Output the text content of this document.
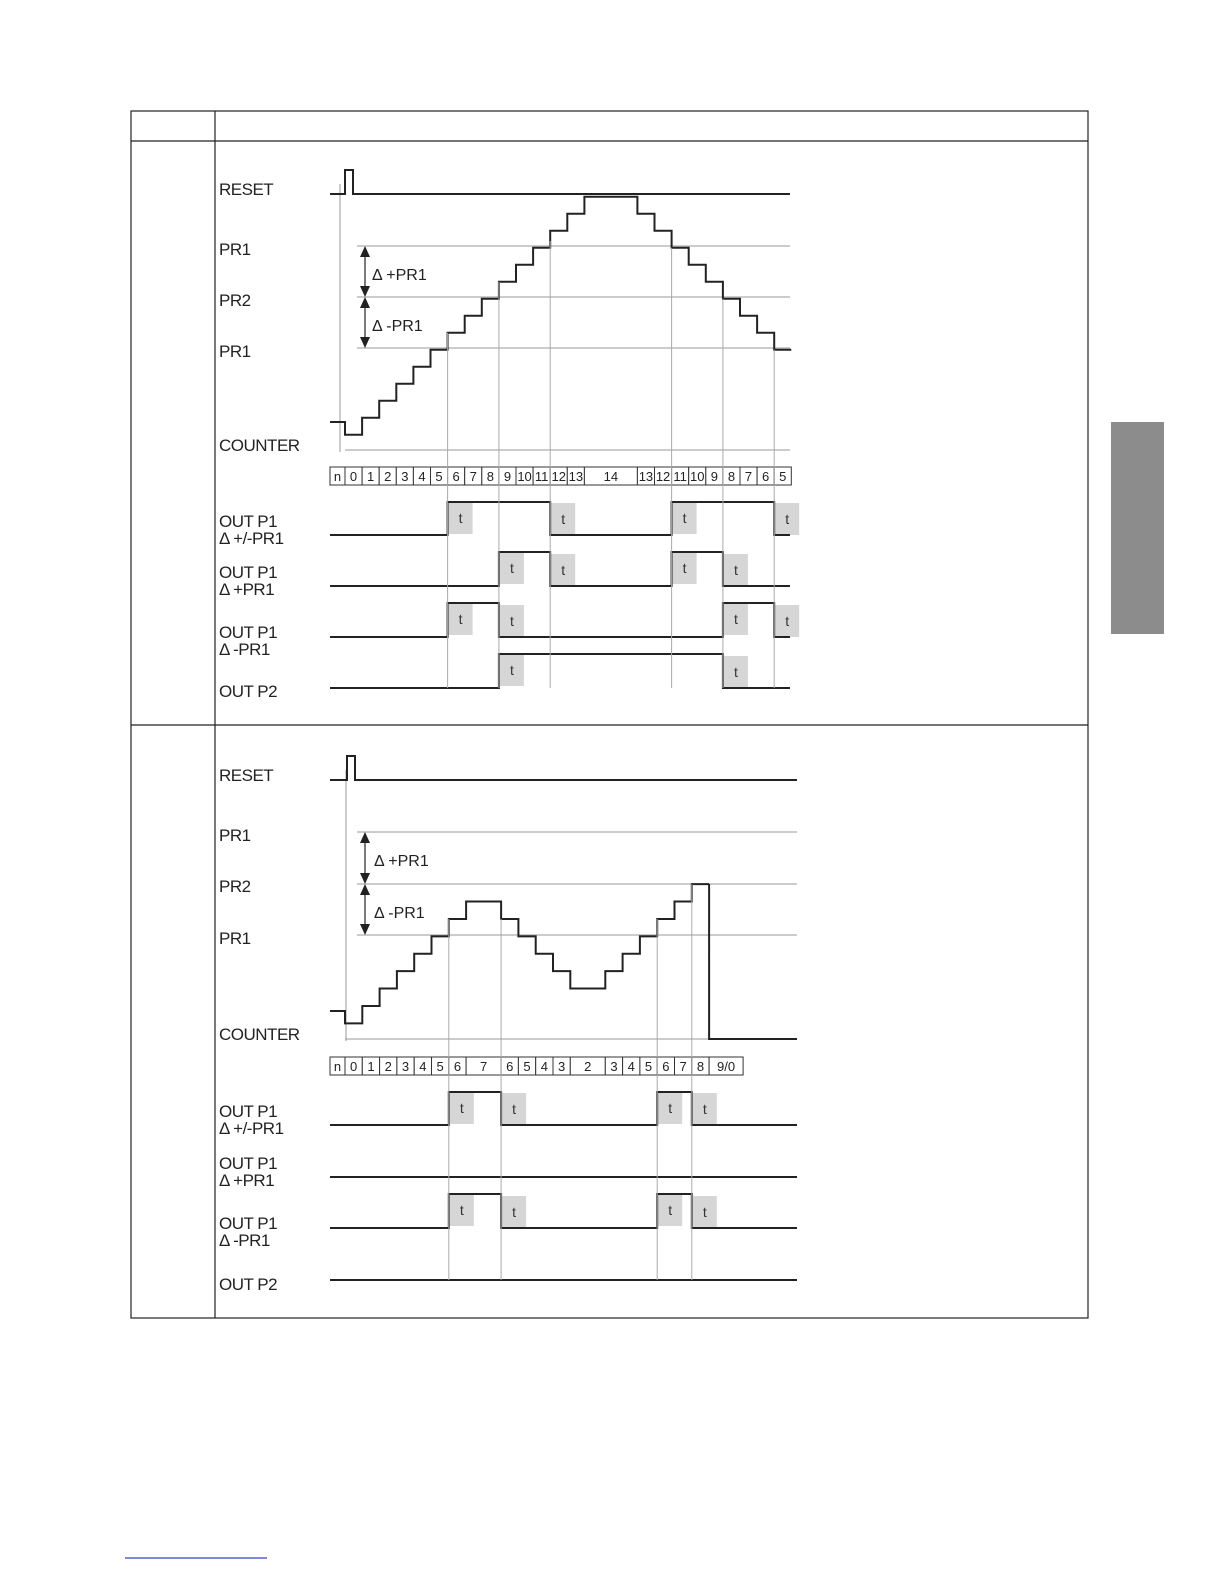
RESET
PR1
PR2
PR1
COUNTER
OUT P1
Δ +/-PR1
OUT P1
Δ +PR1
OUT P1
Δ -PR1
OUT P2
Δ +PR1
Δ -PR1
n 0 1 2 3 4 5 6 7 8 9 10 11 12 13 14 13 12 11 10 9 8 7 6 5
t	t	t	t
t	t	t	t
t	t	t	t
t	t
RESET
PR1
PR2
PR1
COUNTER
OUT P1
Δ +/-PR1
OUT P1
Δ +PR1
OUT P1
Δ -PR1
OUT P2
Δ +PR1
Δ -PR1
n 0 1 2 3 4 5 6 7 6 5 4 3 2 3 4 5 6 7 8 9/0
t	t	t t
t	t	t t
